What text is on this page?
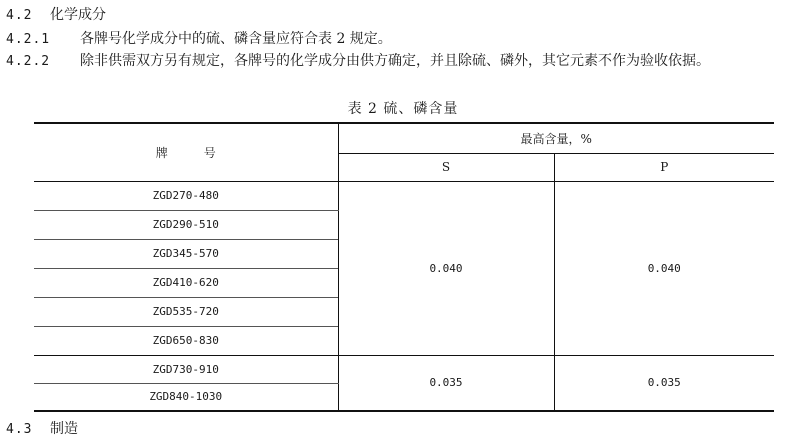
4.2 化学成分
4.2.1 各牌号化学成分中的硫、磷含量应符合表 2 规定。
4.2.2 除非供需双方另有规定，各牌号的化学成分由供方确定，并且除硫、磷外，其它元素不作为验收依据。
表 2 硫、磷含量
牌　　　号	最高含量，%	
	S	P
ZGD270-480	0.040	0.040
ZGD290-510		
ZGD345-570		
ZGD410-620		
ZGD535-720		
ZGD650-830		
ZGD730-910	0.035	0.035
ZGD840-1030		
4.3 制造
